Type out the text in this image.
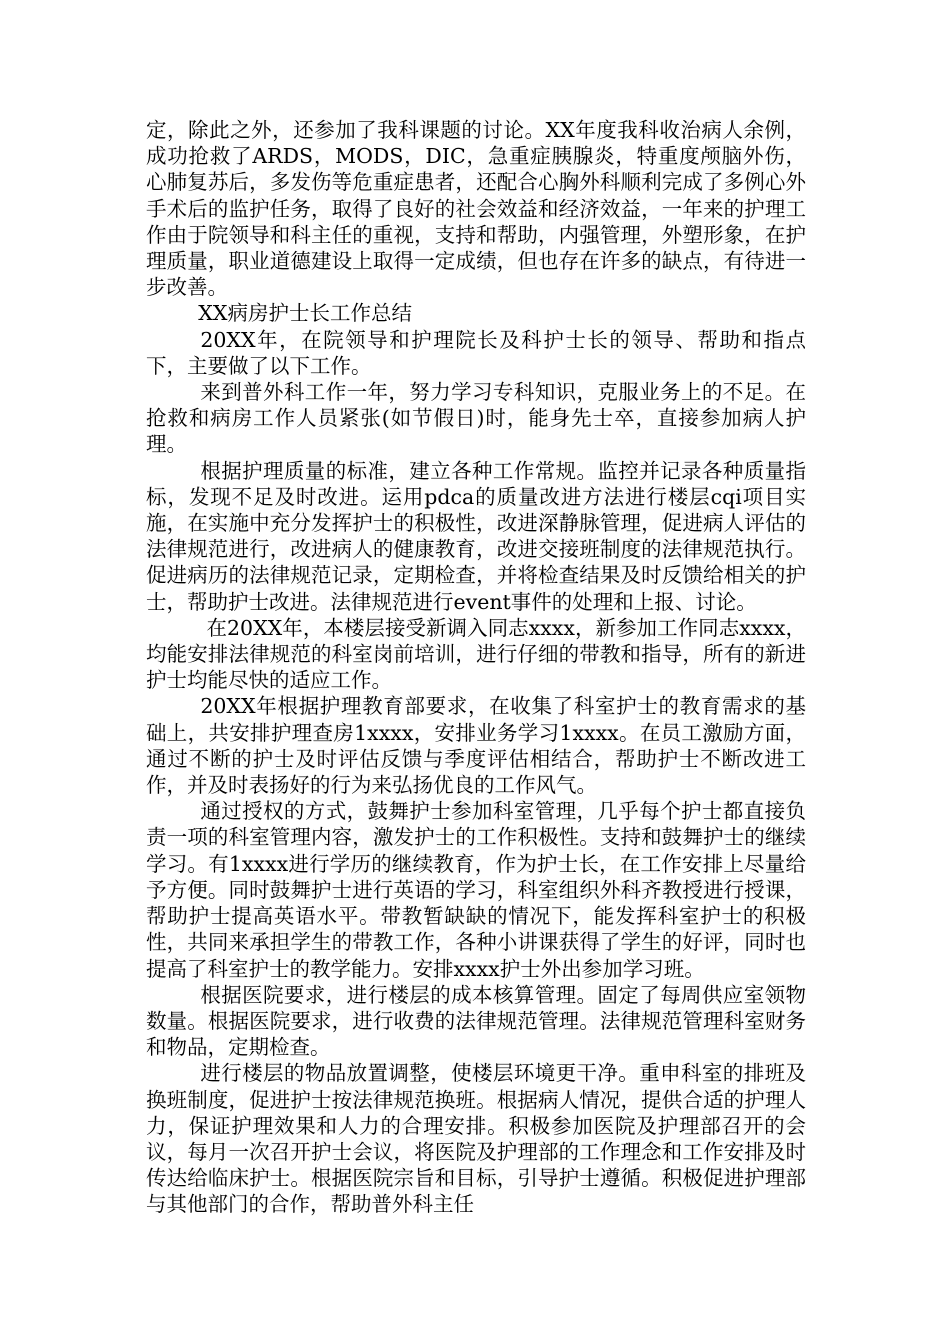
定，除此之外，还参加了我科课题的讨论。XX年度我科收治病人余例，成功抢救了ARDS，MODS，DIC，急重症胰腺炎，特重度颅脑外伤，心肺复苏后，多发伤等危重症患者，还配合心胸外科顺利完成了多例心外手术后的监护任务，取得了良好的社会效益和经济效益，一年来的护理工作由于院领导和科主任的重视，支持和帮助，内强管理，外塑形象，在护理质量，职业道德建设上取得一定成绩，但也存在许多的缺点，有待进一步改善。

XX病房护士长工作总结

20XX年，在院领导和护理院长及科护士长的领导、帮助和指点下，主要做了以下工作。

来到普外科工作一年，努力学习专科知识，克服业务上的不足。在抢救和病房工作人员紧张(如节假日)时，能身先士卒，直接参加病人护理。

根据护理质量的标准，建立各种工作常规。监控并记录各种质量指标，发现不足及时改进。运用pdca的质量改进方法进行楼层cqi项目实施，在实施中充分发挥护士的积极性，改进深静脉管理，促进病人评估的法律规范进行，改进病人的健康教育，改进交接班制度的法律规范执行。促进病历的法律规范记录，定期检查，并将检查结果及时反馈给相关的护士，帮助护士改进。法律规范进行event事件的处理和上报、讨论。

在20XX年，本楼层接受新调入同志xxxx，新参加工作同志xxxx，均能安排法律规范的科室岗前培训，进行仔细的带教和指导，所有的新进护士均能尽快的适应工作。

20XX年根据护理教育部要求，在收集了科室护士的教育需求的基础上，共安排护理查房1xxxx，安排业务学习1xxxx。在员工激励方面，通过不断的护士及时评估反馈与季度评估相结合，帮助护士不断改进工作，并及时表扬好的行为来弘扬优良的工作风气。

通过授权的方式，鼓舞护士参加科室管理，几乎每个护士都直接负责一项的科室管理内容，激发护士的工作积极性。支持和鼓舞护士的继续学习。有1xxxx进行学历的继续教育，作为护士长，在工作安排上尽量给予方便。同时鼓舞护士进行英语的学习，科室组织外科齐教授进行授课，帮助护士提高英语水平。带教暂缺缺的情况下，能发挥科室护士的积极性，共同来承担学生的带教工作，各种小讲课获得了学生的好评，同时也提高了科室护士的教学能力。安排xxxx护士外出参加学习班。

根据医院要求，进行楼层的成本核算管理。固定了每周供应室领物数量。根据医院要求，进行收费的法律规范管理。法律规范管理科室财务和物品，定期检查。

进行楼层的物品放置调整，使楼层环境更干净。重申科室的排班及换班制度，促进护士按法律规范换班。根据病人情况，提供合适的护理人力，保证护理效果和人力的合理安排。积极参加医院及护理部召开的会议，每月一次召开护士会议，将医院及护理部的工作理念和工作安排及时传达给临床护士。根据医院宗旨和目标，引导护士遵循。积极促进护理部与其他部门的合作，帮助普外科主任
